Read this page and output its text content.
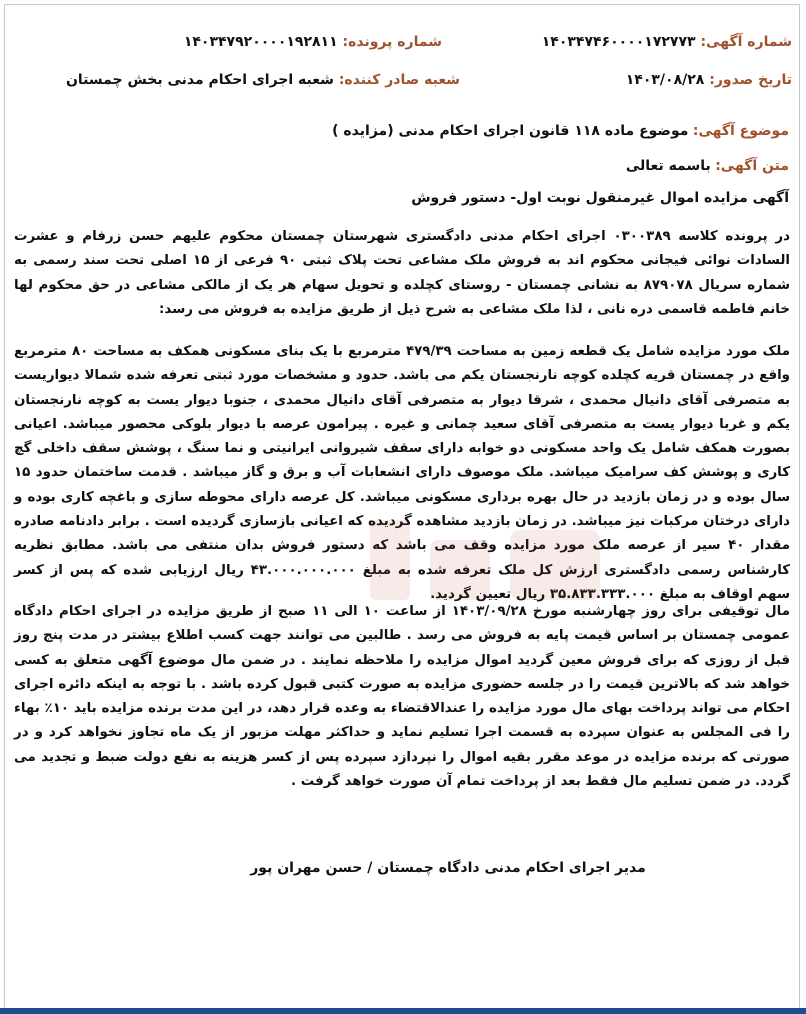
شماره آگهی: ۱۴۰۳۴۷۴۶۰۰۰۰۱۷۲۷۷۳
شماره پرونده: ۱۴۰۳۴۷۹۲۰۰۰۰۱۹۲۸۱۱
تاریخ صدور: ۱۴۰۳/۰۸/۲۸
شعبه صادر کننده: شعبه اجرای احکام مدنی بخش چمستان
موضوع آگهی: موضوع ماده ۱۱۸ قانون اجرای احکام مدنی (مزایده )
متن آگهی: باسمه تعالی
آگهی مزایده اموال غیرمنقول نوبت اول- دستور فروش

در پرونده کلاسه ۰۳۰۰۳۸۹ اجرای احکام مدنی دادگستری شهرستان چمستان محکوم علیهم حسن زرفام و عشرت السادات نوائی فیجانی محکوم اند به فروش ملک مشاعی تحت پلاک ثبتی ۹۰ فرعی از ۱۵ اصلی تحت سند رسمی به شماره سریال ۸۷۹۰۷۸ به نشانی چمستان - روستای کچلده و تحویل سهام هر یک از مالکی مشاعی در حق محکوم لها خانم فاطمه قاسمی دره نانی ، لذا ملک مشاعی به شرح ذیل از طریق مزایده به فروش می رسد:

ملک مورد مزایده شامل یک قطعه زمین به مساحت ۴۷۹/۳۹ مترمربع با یک بنای مسکونی همکف به مساحت ۸۰ مترمربع واقع در چمستان قریه کچلده کوچه نارنجستان یکم می باشد. حدود و مشخصات مورد ثبتی تعرفه شده شمالا دیواریست به متصرفی آقای دانیال محمدی ، شرقا دیوار به متصرفی آقای دانیال محمدی ، جنوبا دیوار یست به کوچه نارنجستان یکم و غربا دیوار یست به متصرفی آقای سعید چمانی و غیره . پیرامون عرصه با دیوار بلوکی محصور میباشد. اعیانی بصورت همکف شامل یک واحد مسکونی دو خوابه دارای سقف شیروانی ایرانیتی و نما سنگ ، پوشش سقف داخلی گچ کاری و پوشش کف سرامیک میباشد. ملک موصوف دارای انشعابات آب و برق و گاز میباشد . قدمت ساختمان حدود ۱۵ سال بوده و در زمان بازدید در حال بهره برداری مسکونی میباشد. کل عرصه دارای محوطه سازی و باغچه کاری بوده و دارای درختان مرکبات نیز میباشد. در زمان بازدید مشاهده گردیده که اعیانی بازسازی گردیده است . برابر دادنامه صادره مقدار ۴۰ سیر از عرصه ملک مورد مزایده وقف می باشد که دستور فروش بدان منتفی می باشد. مطابق نظریه کارشناس رسمی دادگستری ارزش کل ملک تعرفه شده به مبلغ ۴۳.۰۰۰.۰۰۰.۰۰۰ ریال ارزیابی شده که پس از کسر سهم اوقاف به مبلغ ۳۵.۸۳۳.۳۳۳.۰۰۰ ریال تعیین گردید.

مال توقیفی برای روز چهارشنبه مورخ ۱۴۰۳/۰۹/۲۸ از ساعت ۱۰ الی ۱۱ صبح از طریق مزایده در اجرای احکام دادگاه عمومی چمستان بر اساس قیمت پایه به فروش می رسد . طالبین می توانند جهت کسب اطلاع بیشتر در مدت پنج روز قبل از روزی که برای فروش معین گردید اموال مزایده را ملاحظه نمایند . در ضمن مال موضوع آگهی متعلق به کسی خواهد شد که بالاترین قیمت را در جلسه حضوری مزایده به صورت کتبی قبول کرده باشد . با توجه به اینکه دائره اجرای احکام می تواند پرداخت بهای مال مورد مزایده را عندالاقتضاء به وعده قرار دهد، در این مدت برنده مزایده باید ۱۰٪ بهاء را فی المجلس به عنوان سپرده به قسمت اجرا تسلیم نماید و حداکثر مهلت مزبور از یک ماه تجاوز نخواهد کرد و در صورتی که برنده مزایده در موعد مقرر بقیه اموال را نپردازد سپرده پس از کسر هزینه به نفع دولت ضبط و تجدید می گردد. در ضمن تسلیم مال فقط بعد از پرداخت تمام آن صورت خواهد گرفت .

مدیر اجرای احکام مدنی دادگاه چمستان / حسن مهران پور
